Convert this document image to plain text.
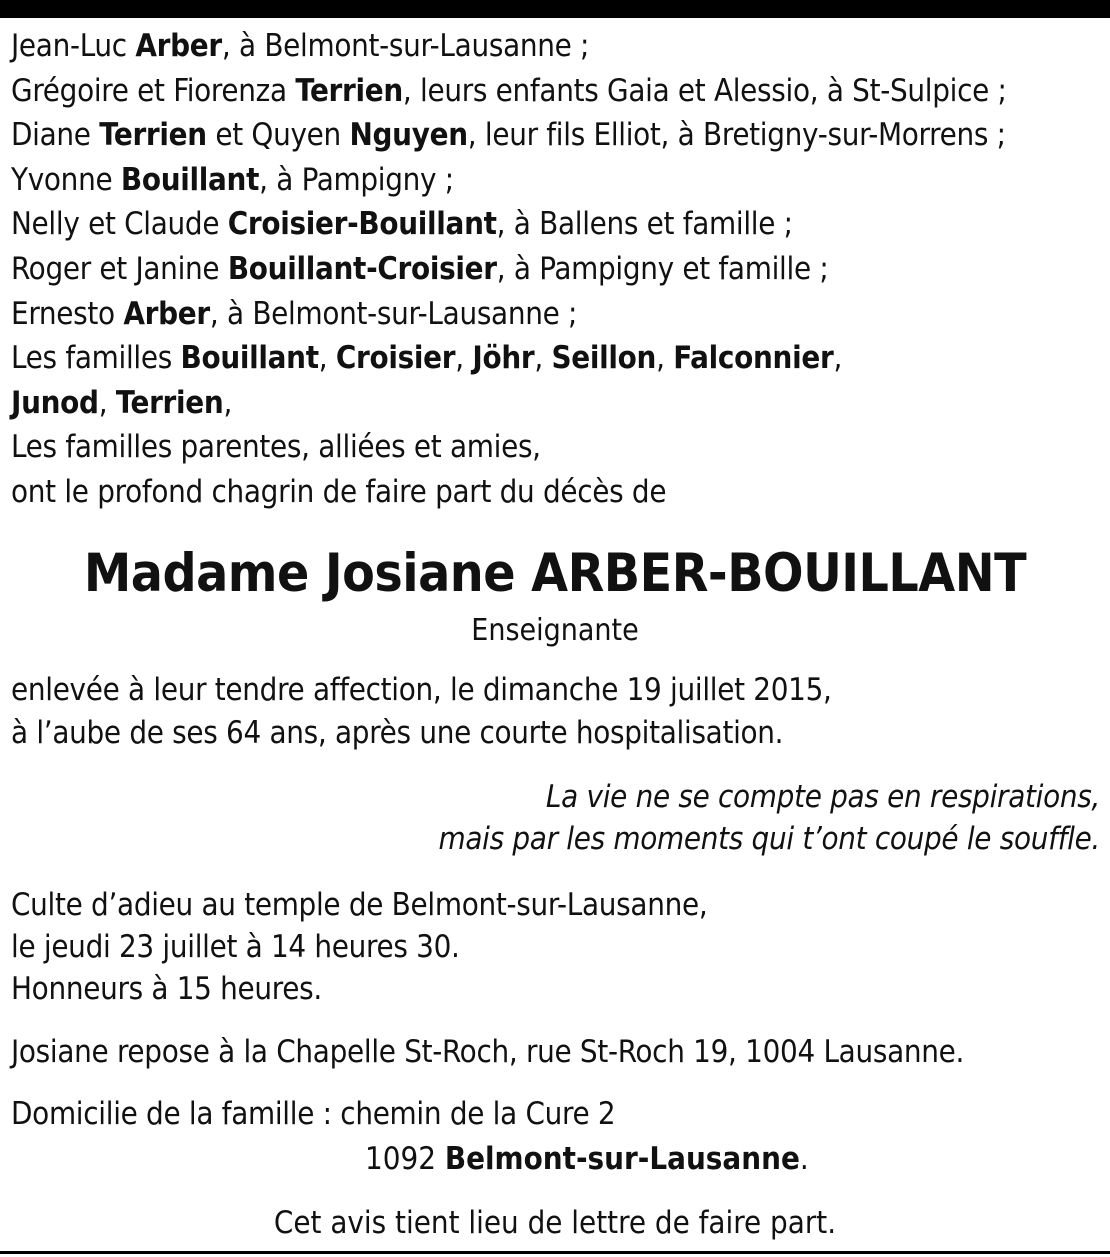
Jean-Luc Arber, à Belmont-sur-Lausanne ;
Grégoire et Fiorenza Terrien, leurs enfants Gaia et Alessio, à St-Sulpice ;
Diane Terrien et Quyen Nguyen, leur fils Elliot, à Bretigny-sur-Morrens ;
Yvonne Bouillant, à Pampigny ;
Nelly et Claude Croisier-Bouillant, à Ballens et famille ;
Roger et Janine Bouillant-Croisier, à Pampigny et famille ;
Ernesto Arber, à Belmont-sur-Lausanne ;
Les familles Bouillant, Croisier, Jöhr, Seillon, Falconnier,
Junod, Terrien,
Les familles parentes, alliées et amies,
ont le profond chagrin de faire part du décès de
Madame Josiane ARBER-BOUILLANT
Enseignante
enlevée à leur tendre affection, le dimanche 19 juillet 2015,
à l’aube de ses 64 ans, après une courte hospitalisation.
La vie ne se compte pas en respirations,
mais par les moments qui t’ont coupé le souffle.
Culte d’adieu au temple de Belmont-sur-Lausanne,
le jeudi 23 juillet à 14 heures 30.
Honneurs à 15 heures.
Josiane repose à la Chapelle St-Roch, rue St-Roch 19, 1004 Lausanne.
Domicilie de la famille : chemin de la Cure 2
1092 Belmont-sur-Lausanne.
Cet avis tient lieu de lettre de faire part.
